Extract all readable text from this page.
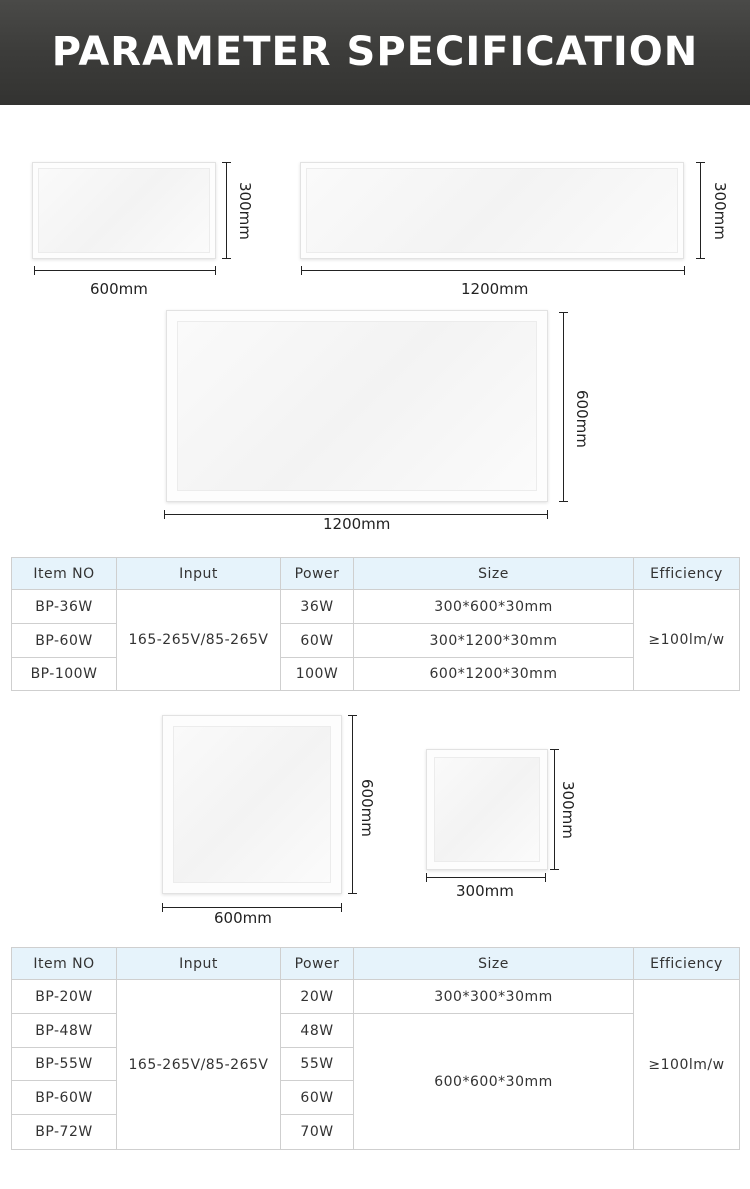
PARAMETER SPECIFICATION
600mm
300mm
1200mm
300mm
1200mm
600mm
Item NO	Input	Power	Size	Efficiency
BP-36W	165-265V/85-265V	36W	300*600*30mm	≥100lm/w
BP-60W		60W	300*1200*30mm	
BP-100W		100W	600*1200*30mm	
600mm
600mm
300mm
300mm
Item NO	Input	Power	Size	Efficiency
BP-20W	165-265V/85-265V	20W	300*300*30mm	≥100lm/w
BP-48W		48W	600*600*30mm	
BP-55W		55W		
BP-60W		60W		
BP-72W		70W		
